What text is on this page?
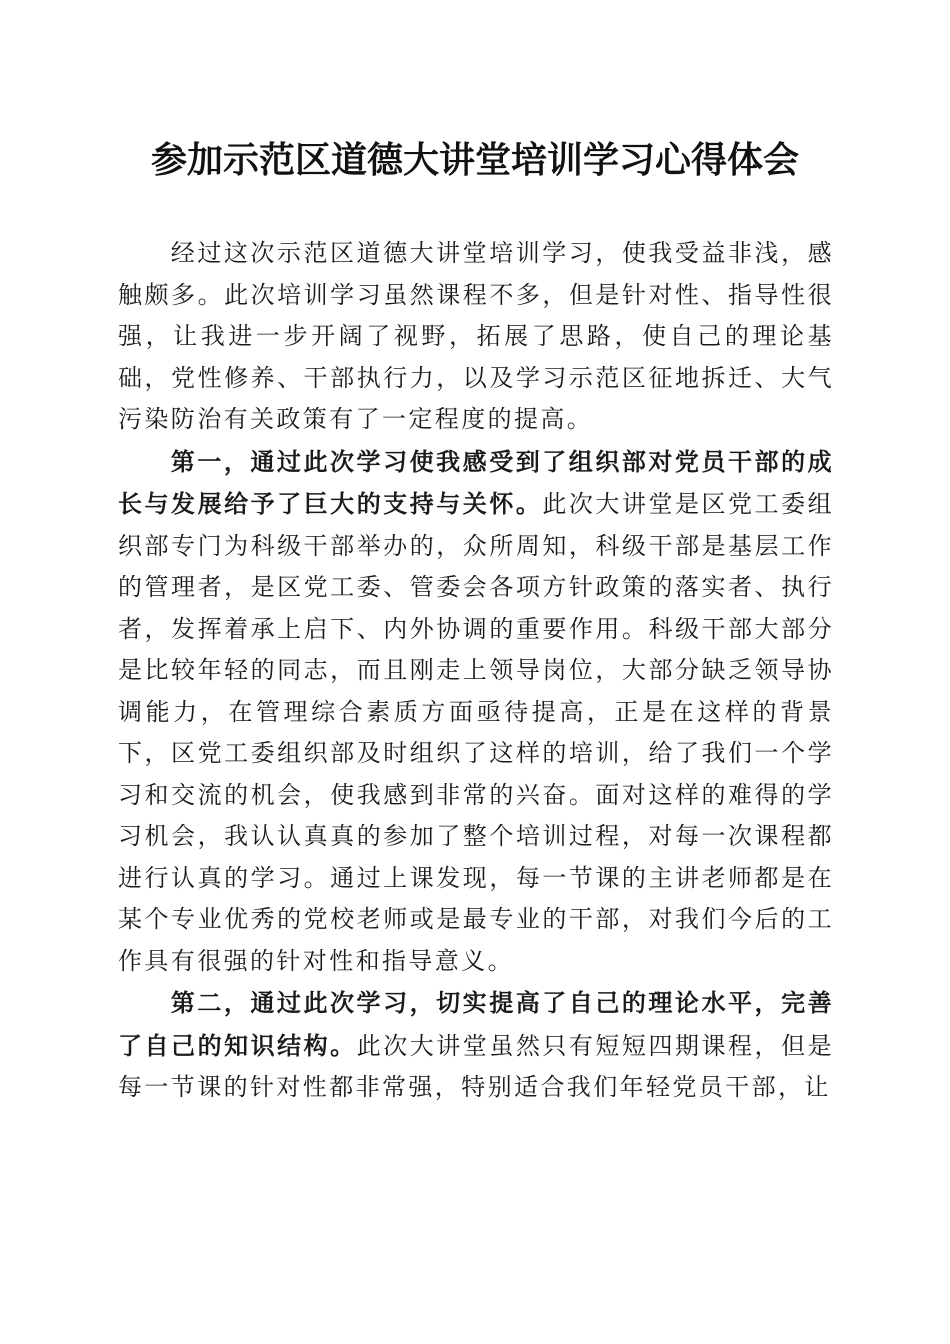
参加示范区道德大讲堂培训学习心得体会

经过这次示范区道德大讲堂培训学习，使我受益非浅，感触颇多。此次培训学习虽然课程不多，但是针对性、指导性很强，让我进一步开阔了视野，拓展了思路，使自己的理论基础，党性修养、干部执行力，以及学习示范区征地拆迁、大气污染防治有关政策有了一定程度的提高。

第一，通过此次学习使我感受到了组织部对党员干部的成长与发展给予了巨大的支持与关怀。此次大讲堂是区党工委组织部专门为科级干部举办的，众所周知，科级干部是基层工作的管理者，是区党工委、管委会各项方针政策的落实者、执行者，发挥着承上启下、内外协调的重要作用。科级干部大部分是比较年轻的同志，而且刚走上领导岗位，大部分缺乏领导协调能力，在管理综合素质方面亟待提高，正是在这样的背景下，区党工委组织部及时组织了这样的培训，给了我们一个学习和交流的机会，使我感到非常的兴奋。面对这样的难得的学习机会，我认认真真的参加了整个培训过程，对每一次课程都进行认真的学习。通过上课发现，每一节课的主讲老师都是在某个专业优秀的党校老师或是最专业的干部，对我们今后的工作具有很强的针对性和指导意义。

第二，通过此次学习，切实提高了自己的理论水平，完善了自己的知识结构。此次大讲堂虽然只有短短四期课程，但是每一节课的针对性都非常强，特别适合我们年轻党员干部，让
